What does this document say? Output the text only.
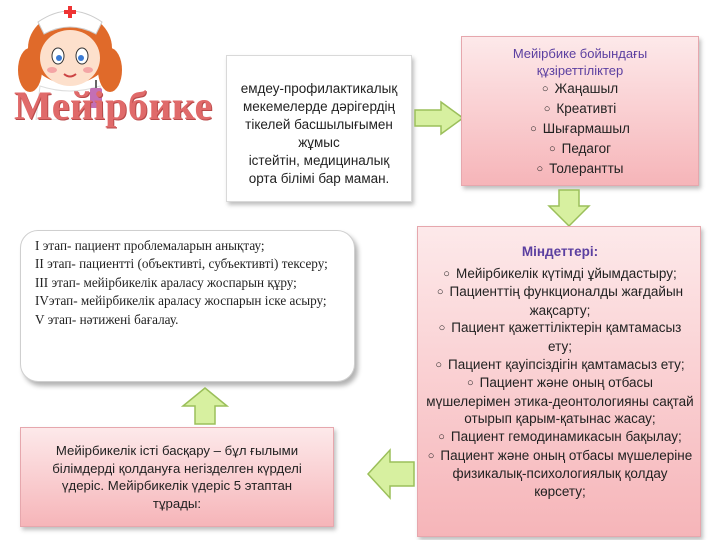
Мейірбике	емдеу-профилактикалық
мекемелерде дәрігердің
тікелей басшылығымен
жұмыс
істейтін, медициналық
орта білімі бар маман.
Мейірбике бойындағы
құзіреттіліктер
○ Жаңашыл
○ Креативті
○ Шығармашыл
○ Педагог
○ Толерантты
Міндеттері:
○ Мейірбикелік күтімді ұйымдастыру;
○ Пациенттің функционалды жағдайын жақсарту;
○ Пациент қажеттіліктерін қамтамасыз ету;
○ Пациент қауіпсіздігін қамтамасыз ету;
○ Пациент және оның отбасы мүшелерімен этика-деонтологияны сақтай отырып қарым-қатынас жасау;
○ Пациент гемодинамикасын бақылау;
○ Пациент және оның отбасы мүшелеріне физикалық-психологиялық қолдау көрсету;
I этап- пациент проблемаларын анықтау;
II этап- пациентті (объективті, субъективті) тексеру;
III этап- мейірбикелік араласу жоспарын құру;
IVэтап- мейірбикелік араласу жоспарын іске асыру;
V этап- нәтижені бағалау.
Мейірбикелік істі басқару – бұл ғылыми
білімдерді қолдануға негізделген күрделі
үдеріс. Мейірбикелік үдеріс 5 этаптан
тұрады:
